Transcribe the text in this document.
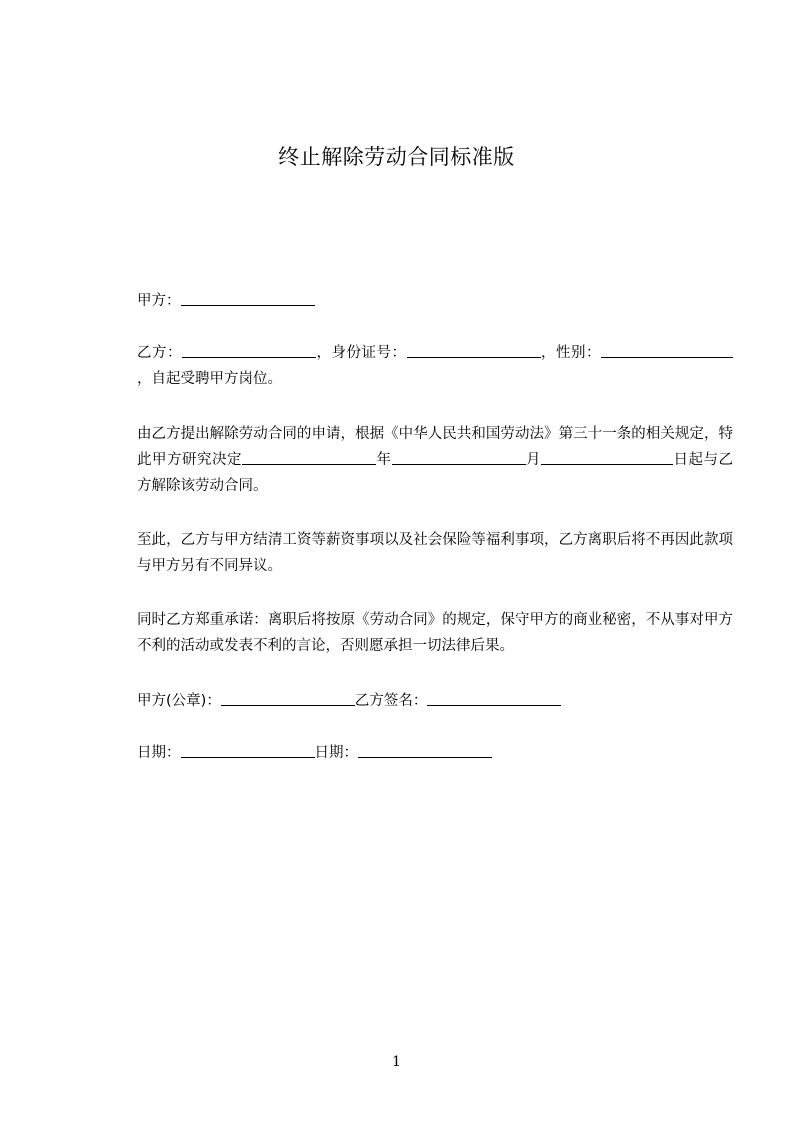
终止解除劳动合同标准版
甲方：
乙方：	，身份证号：	，性别：，自起受聘甲方岗位。
由乙方提出解除劳动合同的申请，根据《中华人民共和国劳动法》第三十一条的相关规定，特此甲方研究决定	年	月	日起与乙方解除该劳动合同。
至此，乙方与甲方结清工资等薪资事项以及社会保险等福利事项，乙方离职后将不再因此款项与甲方另有不同异议。
同时乙方郑重承诺：离职后将按原《劳动合同》的规定，保守甲方的商业秘密，不从事对甲方不利的活动或发表不利的言论，否则愿承担一切法律后果。
甲方(公章)：	乙方签名：
日期：	日期：
1
